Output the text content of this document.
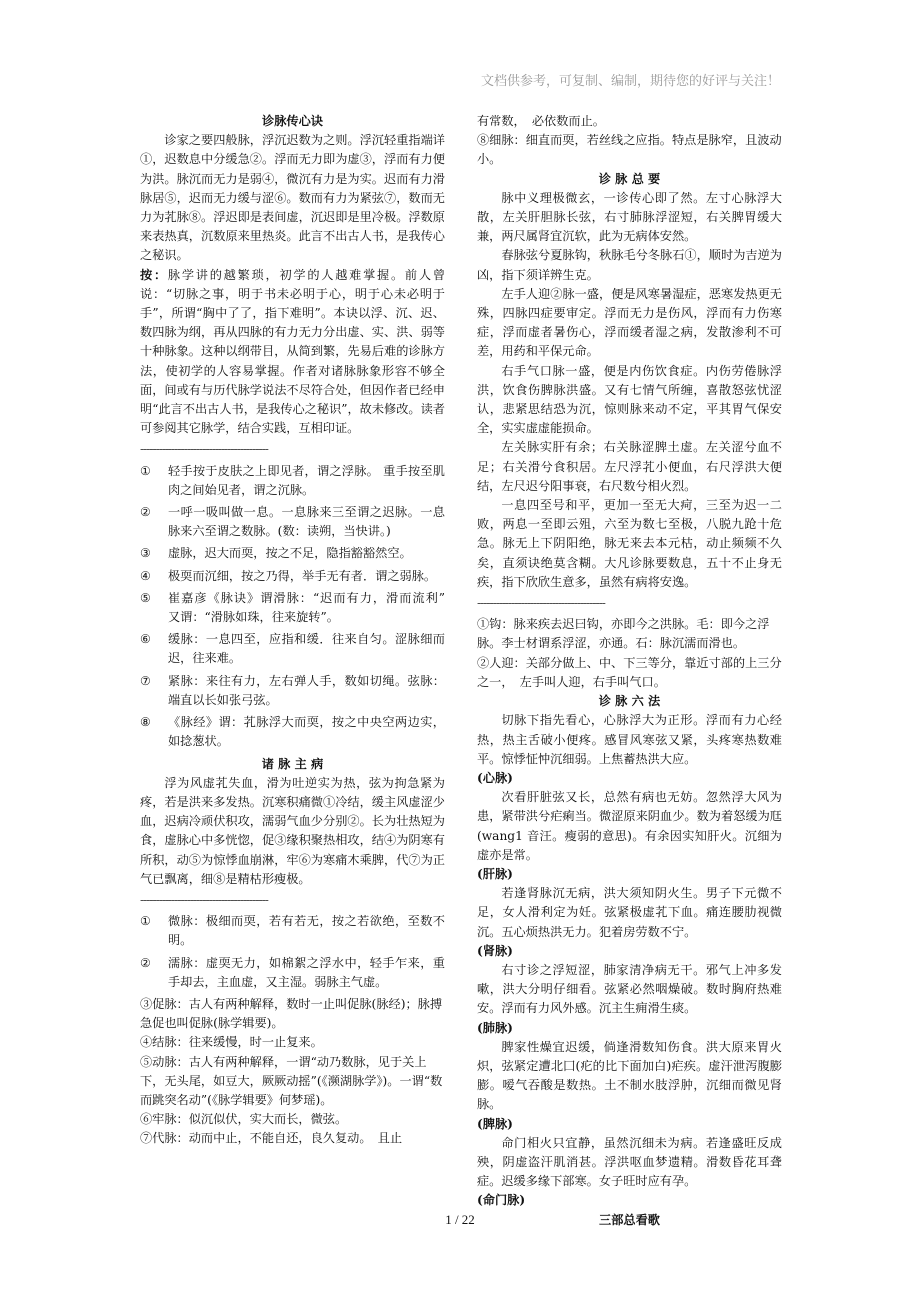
文档供参考，可复制、编制，期待您的好评与关注！

诊脉传心诀

诊家之要四般脉，浮沉迟数为之则。浮沉轻重指端详①，迟数息中分缓急②。浮而无力即为虚③，浮而有力便为洪。脉沉而无力是弱④，微沉有力是为实。迟而有力滑脉居⑤，迟而无力缓与涩⑥。数而有力为紧弦⑦，数而无力为芤脉⑧。浮迟即是表间虚，沉迟即是里冷极。浮数原来表热真，沉数原来里热炎。此言不出古人书，是我传心之秘识。

按：脉学讲的越繁琐，初学的人越难掌握。前人曾说：“切脉之事，明于书未必明于心，明于心未必明于手”，所谓“胸中了了，指下难明”。本诀以浮、沉、迟、数四脉为纲，再从四脉的有力无力分出虚、实、洪、弱等十种脉象。这种以纲带目，从简到繁，先易后难的诊脉方法，使初学的人容易掌握。作者对诸脉脉象形容不够全面，间或有与历代脉学说法不尽符合处，但因作者已经申明“此言不出古人书，是我传心之秘识”，故未修改。读者可参阅其它脉学，结合实践，互相印证。

-----------------------------------------
①	轻手按于皮肤之上即见者，谓之浮脉。 重手按至肌肉之间始见者，谓之沉脉。
②	一呼一吸叫做一息。一息脉来三至谓之迟脉。一息脉来六至谓之数脉。(数：读朔，当快讲。)
③	虚脉，迟大而耎，按之不足，隐指豁豁然空。
④	极耎而沉细，按之乃得，举手无有者．谓之弱脉。
⑤	崔嘉彦《脉诀》谓滑脉：“迟而有力，滑而流利”　又谓：“滑脉如珠，往来旋转”。
⑥	缓脉：一息四至，应指和缓．往来自匀。涩脉细而迟，往来难。
⑦	紧脉：来往有力，左右弹人手，数如切绳。弦脉：端直以长如张弓弦。
⑧	《脉经》谓：芤脉浮大而耎，按之中央空两边实，如捻葱状。

诸 脉 主 病

浮为风虚芤失血，滑为吐逆实为热，弦为拘急紧为疼，若是洪来多发热。沉寒积痛微①冷结，缓主风虚涩少血，迟病冷顽伏积攻，濡弱气血少分别②。长为壮热短为食，虚脉心中多恍惚，促③缘积聚热相攻，结④为阴寒有所积，动⑤为惊悸血崩淋，牢⑥为寒痛木乘脾，代⑦为正气已飘离，细⑧是精枯形瘦极。

-----------------------------------------
①	微脉：极细而耎，若有若无，按之若欲绝，至数不明。
②	濡脉：虚耎无力，如棉絮之浮水中，轻手乍来，重手却去，主血虚，又主湿。弱脉主气虚。

③促脉：古人有两种解释，数时一止叫促脉(脉经)；脉搏急促也叫促脉(脉学辑要)。

④结脉：往来缓慢，时一止复来。

⑤动脉：古人有两种解释，一谓“动乃数脉，见于关上下，无头尾，如豆大，厥厥动摇”(《濒湖脉学》)。一谓“数而跳突名动”(《脉学辑要》何梦瑶)。

⑥牢脉：似沉似伏，实大而长，微弦。

⑦代脉：动而中止，不能自还，良久复动。　且止

有常数，　必依数而止。

⑧细脉：细直而耎，若丝线之应指。特点是脉窄，且波动小。

诊 脉 总 要

脉中义理极微玄，一诊传心即了然。左寸心脉浮大散，左关肝胆脉长弦，右寸肺脉浮涩短，右关脾胃缓大兼，两尺属肾宜沉软，此为无病体安然。

春脉弦兮夏脉钩，秋脉毛兮冬脉石①，顺时为吉逆为凶，指下须详辨生克。

左手人迎②脉一盛，便是风寒暑湿症，恶寒发热更无殊，四脉四症要审定。浮而无力是伤风，浮而有力伤寒症，浮而虚者暑伤心，浮而缓者湿之病，发散渗利不可差，用药和平保元命。

右手气口脉一盛，便是内伤饮食症。内伤劳倦脉浮洪，饮食伤脾脉洪盛。又有七情气所缠，喜散怒弦忧涩认，悲紧思结恐为沉，惊则脉来动不定，平其胃气保安全，实实虚虚能损命。

左关脉实肝有余；右关脉涩脾土虚。左关涩兮血不足；右关滑兮食积居。左尺浮芤小便血，右尺浮洪大便结，左尺迟兮阳事衰，右尺数兮相火烈。

一息四至号和平，更加一至无大疴，三至为迟一二败，两息一至即云殂，六至为数七至极，八脱九跄十危急。脉无上下阴阳绝，脉无来去本元枯，动止频频不久矣，直须诀绝莫含糊。大凡诊脉要数息，五十不止身无疾，指下欣欣生意多，虽然有病将安逸。

-----------------------------------------

①钩：脉来疾去迟曰钩，亦即今之洪脉。毛：即今之浮脉。李士材谓系浮涩，亦通。石：脉沉濡而滑也。

②人迎：关部分做上、中、下三等分，靠近寸部的上三分之一，　左手叫人迎，右手叫气口。

诊 脉 六 法

切脉下指先看心，心脉浮大为正形。浮而有力心经热，热主舌破小便疼。感冒风寒弦又紧，头疼寒热数难平。惊悸怔忡沉细弱。上焦蓄热洪大应。

(心脉)

次看肝脏弦又长，总然有病也无妨。忽然浮大风为患，紧带洪兮疟痢当。微涩原来阴血少。数为着怒缓为尫(wang1 音汪。瘦弱的意思)。有余因实知肝火。沉细为虚亦是常。

(肝脉)

若逢肾脉沉无病，洪大须知阴火生。男子下元微不足，女人滑利定为妊。弦紧极虚芤下血。痛连腰肋视微沉。五心烦热洪无力。犯着房劳数不宁。

(肾脉)

右寸诊之浮短涩，肺家清净病无干。邪气上冲多发嗽，洪大分明仔细看。弦紧必然咽燥破。数时胸府热难安。浮而有力风外感。沉主生痈滑生痰。

(肺脉)

脾家性燥宜迟缓，倘逢滑数知伤食。洪大原来胃火炽，弦紧定遭北囗(疕的比下面加白)疟疾。虚汗泄泻腹膨膨。嗳气吞酸是数热。土不制水肢浮肿，沉细而微见肾脉。

(脾脉)

命门相火只宜静，虽然沉细未为病。若逢盛旺反成殃，阴虚盗汗肌消甚。浮洪呕血梦遗精。滑数昏花耳聋症。迟缓多缘下部寒。女子旺时应有孕。

(命门脉)

三部总看歌

1 / 22
